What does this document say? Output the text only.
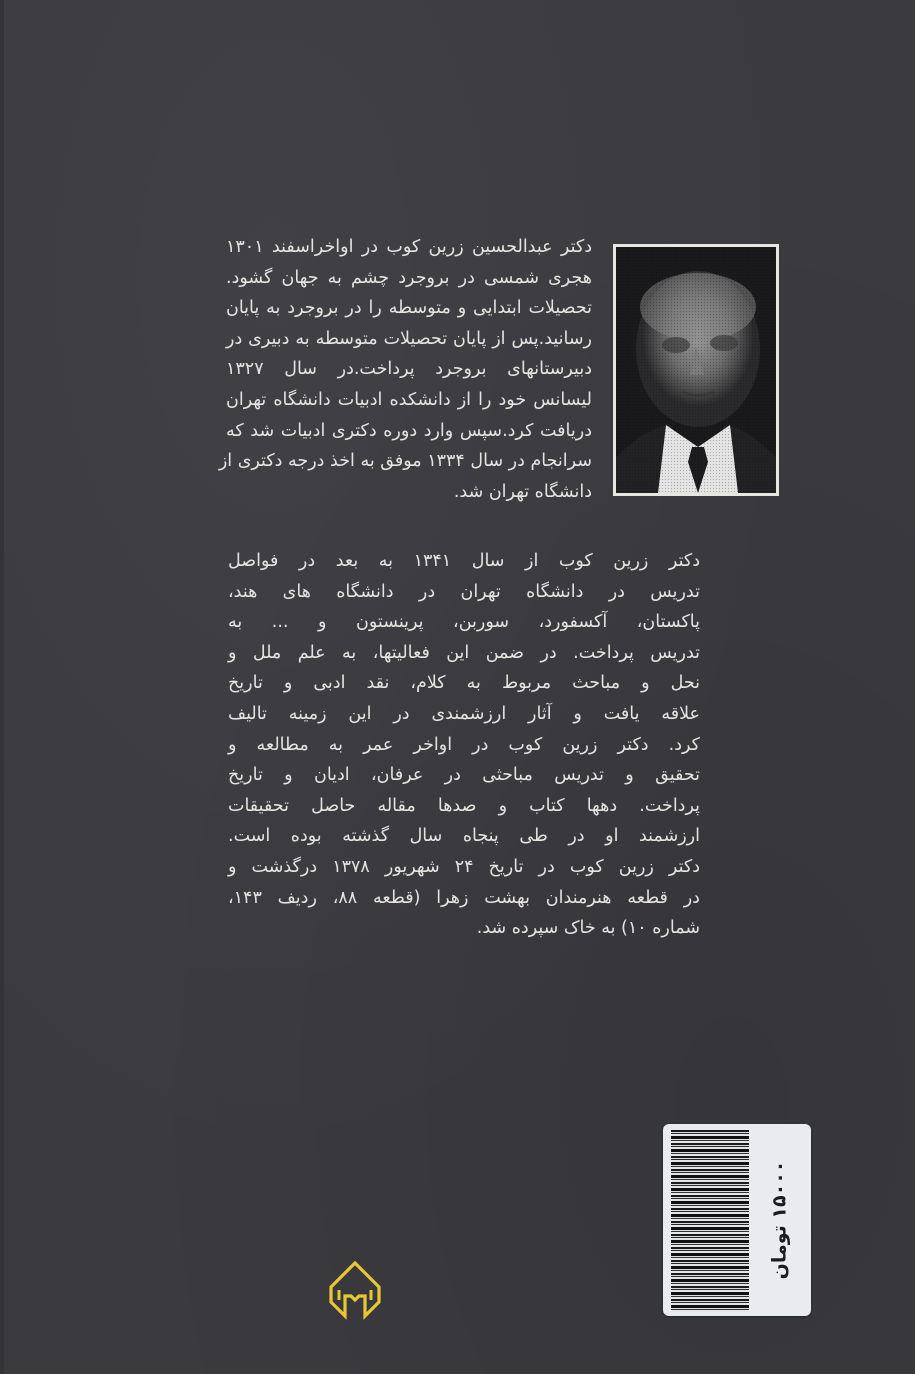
دکتر عبدالحسین زرین کوب در اواخراسفند ۱۳۰۱
هجری شمسی در بروجرد چشم به جهان گشود.
تحصیلات ابتدایی و متوسطه را در بروجرد به پایان
رسانید.پس از پایان تحصیلات متوسطه به دبیری در
دبیرستانهای بروجرد پرداخت.در سال ۱۳۲۷
لیسانس خود را از دانشکده ادبیات دانشگاه تهران
دریافت کرد.سپس وارد دوره دکتری ادبیات شد که
سرانجام در سال ۱۳۳۴ موفق به اخذ درجه دکتری از
دانشگاه تهران شد.
دکتر زرین کوب از سال ۱۳۴۱ به بعد در فواصل
تدریس در دانشگاه تهران در دانشگاه های هند،
پاکستان، آکسفورد، سوربن، پرینستون و ... به
تدریس پرداخت. در ضمن این فعالیتها، به علم ملل و
نحل و مباحث مربوط به کلام، نقد ادبی و تاریخ
علاقه یافت و آثار ارزشمندی در این زمینه تالیف
کرد. دکتر زرین کوب در اواخر عمر به مطالعه و
تحقیق و تدریس مباحثی در عرفان، ادیان و تاریخ
پرداخت. دهها کتاب و صدها مقاله حاصل تحقیقات
ارزشمند او در طی پنجاه سال گذشته بوده است.
دکتر زرین کوب در تاریخ ۲۴ شهریور ۱۳۷۸ درگذشت و
در قطعه هنرمندان بهشت زهرا (قطعه ۸۸، ردیف ۱۴۳،
شماره ۱۰) به خاک سپرده شد.
۱۵۰۰۰ تومان
